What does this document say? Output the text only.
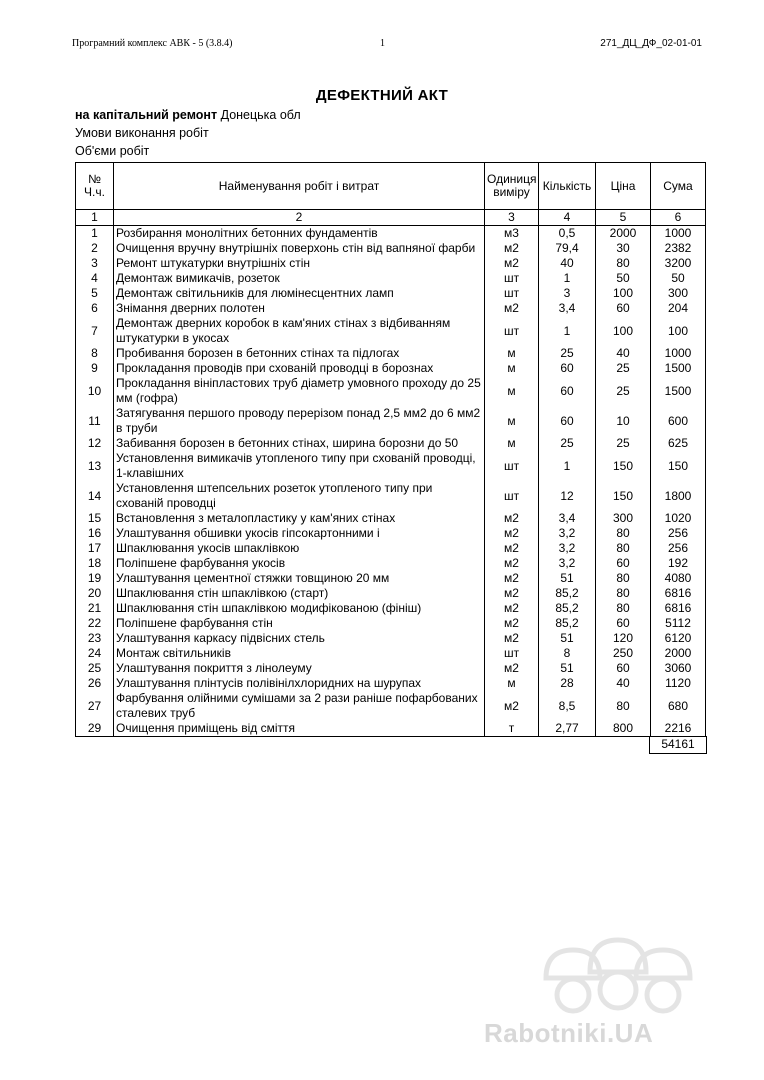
Програмний комплекс АВК - 5 (3.8.4)	1	271_ДЦ_ДФ_02-01-01
ДЕФЕКТНИЙ АКТ
на капітальний ремонт Донецька обл
Умови виконання робіт
Об'єми робіт
№ Ч.ч.	Найменування робіт і витрат	Одиниця виміру	Кількість	Ціна	Сума
1	2	3	4	5	6
1	Розбирання монолітних бетонних фундаментів	м3	0,5	2000	1000
2	Очищення вручну внутрішніх поверхонь стін від вапняної фарби	м2	79,4	30	2382
3	Ремонт штукатурки внутрішніх стін	м2	40	80	3200
4	Демонтаж вимикачів, розеток	шт	1	50	50
5	Демонтаж світильників для люмінесцентних ламп	шт	3	100	300
6	Знімання дверних полотен	м2	3,4	60	204
7	Демонтаж дверних коробок в кам'яних стінах з відбиванням штукатурки в укосах	шт	1	100	100
8	Пробивання борозен в бетонних стінах та підлогах	м	25	40	1000
9	Прокладання проводів при схованій проводці в борознах	м	60	25	1500
10	Прокладання вініпластових труб діаметр умовного проходу до 25 мм (гофра)	м	60	25	1500
11	Затягування першого проводу перерізом понад 2,5 мм2 до 6 мм2 в труби	м	60	10	600
12	Забивання борозен в бетонних стінах, ширина борозни до 50	м	25	25	625
13	Установлення вимикачів утопленого типу при схованій проводці, 1-клавішних	шт	1	150	150
14	Установлення штепсельних розеток утопленого типу при схованій проводці	шт	12	150	1800
15	Встановлення з металопластику у кам'яних стінах	м2	3,4	300	1020
16	Улаштування обшивки укосів гіпсокартонними і	м2	3,2	80	256
17	Шпаклювання укосів шпаклівкою	м2	3,2	80	256
18	Поліпшене фарбування укосів	м2	3,2	60	192
19	Улаштування цементної стяжки товщиною 20 мм	м2	51	80	4080
20	Шпаклювання стін шпаклівкою (старт)	м2	85,2	80	6816
21	Шпаклювання стін шпаклівкою модифікованою (фініш)	м2	85,2	80	6816
22	Поліпшене фарбування стін	м2	85,2	60	5112
23	Улаштування каркасу підвісних стель	м2	51	120	6120
24	Монтаж світильників	шт	8	250	2000
25	Улаштування покриття з лінолеуму	м2	51	60	3060
26	Улаштування плінтусів полівінілхлоридних на шурупах	м	28	40	1120
27	Фарбування олійними сумішами за 2 рази раніше пофарбованих сталевих труб	м2	8,5	80	680
29	Очищення приміщень від сміття	т	2,77	800	2216
54161
Rabotniki.UA
